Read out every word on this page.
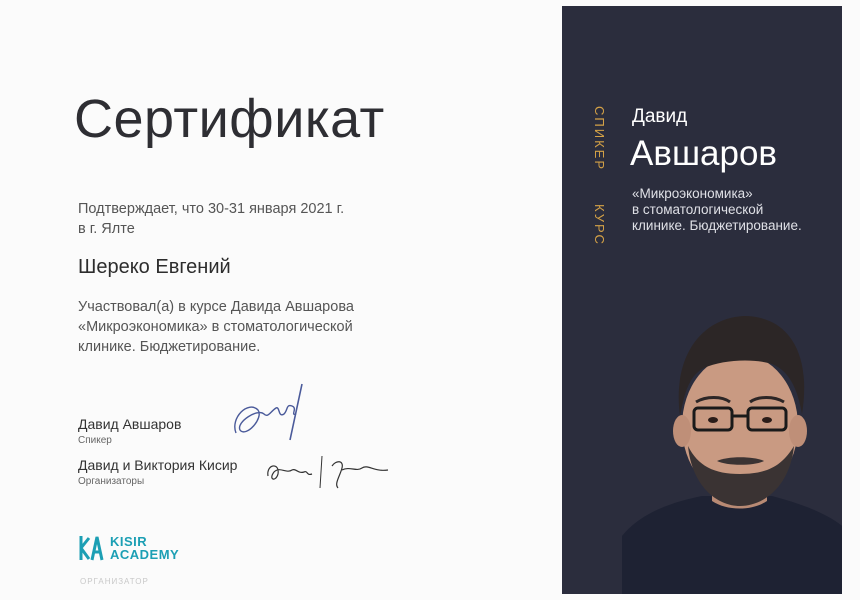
Сертификат
Подтверждает, что 30-31 января 2021 г.
в г. Ялте
Шереко Евгений
Участвовал(а) в курсе Давида Авшарова
«Микроэкономика» в стоматологической
клинике. Бюджетирование.
Давид Авшаров
Спикер
Давид и Виктория Кисир
Организаторы
KISIR
ACADEMY
ОРГАНИЗАТОР
СПИКЕР
КУРС
Давид
Авшаров
«Микроэкономика»
в стоматологической
клинике. Бюджетирование.
